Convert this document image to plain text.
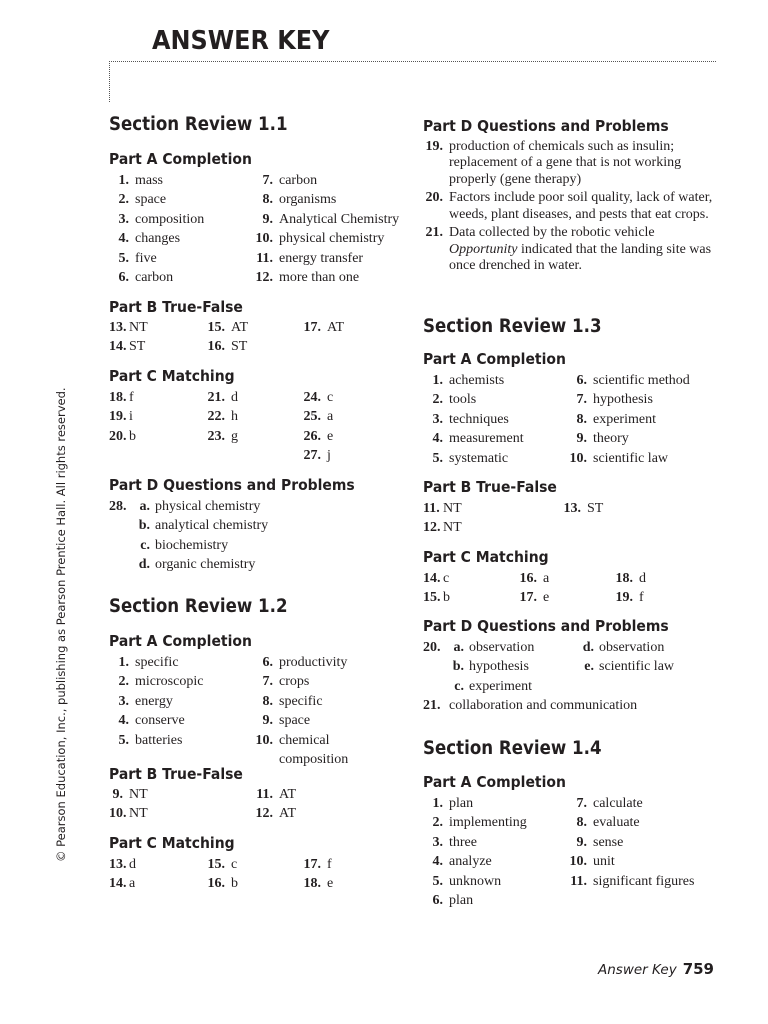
ANSWER KEY
© Pearson Education, Inc., publishing as Pearson Prentice Hall. All rights reserved.
Section Review 1.1
Part A Completion
1. mass	7. carbon
2. space	8. organisms
3. composition	9. Analytical Chemistry
4. changes	10. physical chemistry
5. five	11. energy transfer
6. carbon	12. more than one
Part B True-False
13. NT	15. AT	17. AT
14. ST	16. ST
Part C Matching
18. f	21. d	24. c
19. i	22. h	25. a
20. b	23. g	26. e
27. j
Part D Questions and Problems
28. a. physical chemistry
b. analytical chemistry
c. biochemistry
d. organic chemistry
Section Review 1.2
Part A Completion
1. specific	6. productivity
2. microscopic	7. crops
3. energy	8. specific
4. conserve	9. space
5. batteries	10. chemical composition
Part B True-False
9. NT	11. AT
10. NT	12. AT
Part C Matching
13. d	15. c	17. f
14. a	16. b	18. e
Part D Questions and Problems
19. production of chemicals such as insulin; replacement of a gene that is not working properly (gene therapy)
20. Factors include poor soil quality, lack of water, weeds, plant diseases, and pests that eat crops.
21. Data collected by the robotic vehicle Opportunity indicated that the landing site was once drenched in water.
Section Review 1.3
Part A Completion
1. achemists	6. scientific method
2. tools	7. hypothesis
3. techniques	8. experiment
4. measurement	9. theory
5. systematic	10. scientific law
Part B True-False
11. NT	13. ST
12. NT
Part C Matching
14. c	16. a	18. d
15. b	17. e	19. f
Part D Questions and Problems
20. a. observation	d. observation
b. hypothesis	e. scientific law
c. experiment
21. collaboration and communication
Section Review 1.4
Part A Completion
1. plan	7. calculate
2. implementing	8. evaluate
3. three	9. sense
4. analyze	10. unit
5. unknown	11. significant figures
6. plan
Answer Key 759
